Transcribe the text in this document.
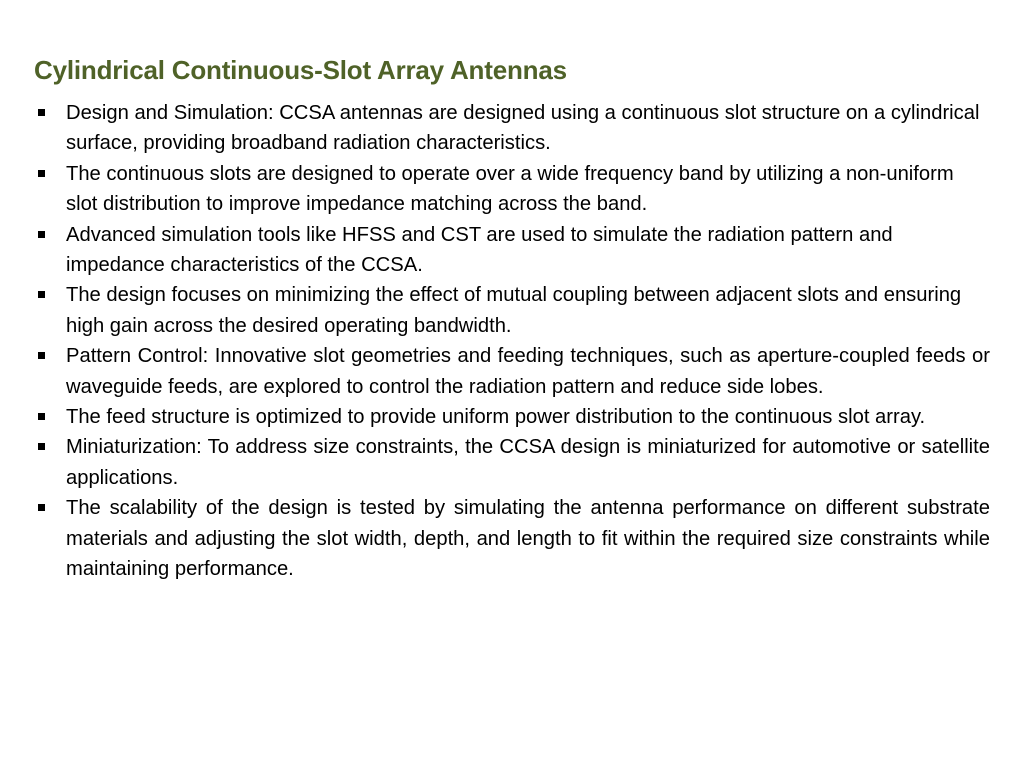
Cylindrical Continuous-Slot Array Antennas
Design and Simulation: CCSA antennas are designed using a continuous slot structure on a cylindrical surface, providing broadband radiation characteristics.
The continuous slots are designed to operate over a wide frequency band by utilizing a non-uniform slot distribution to improve impedance matching across the band.
Advanced simulation tools like HFSS and CST are used to simulate the radiation pattern and impedance characteristics of the CCSA.
The design focuses on minimizing the effect of mutual coupling between adjacent slots and ensuring high gain across the desired operating bandwidth.
Pattern Control: Innovative slot geometries and feeding techniques, such as aperture-coupled feeds or waveguide feeds, are explored to control the radiation pattern and reduce side lobes.
The feed structure is optimized to provide uniform power distribution to the continuous slot array.
Miniaturization: To address size constraints, the CCSA design is miniaturized for automotive or satellite applications.
The scalability of the design is tested by simulating the antenna performance on different substrate materials and adjusting the slot width, depth, and length to fit within the required size constraints while maintaining performance.
